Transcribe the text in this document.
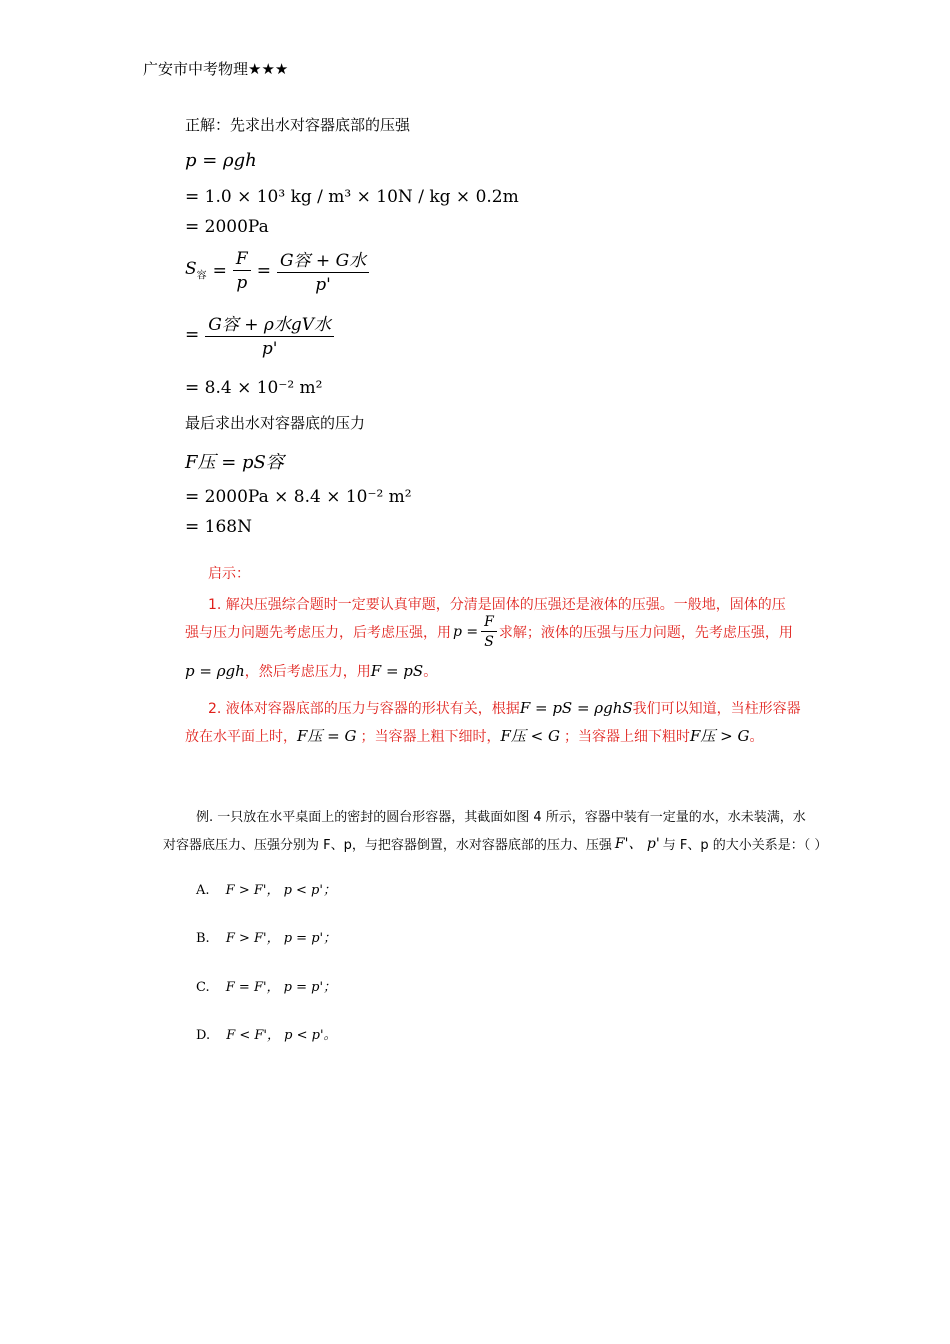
广安市中考物理★★★
正解：先求出水对容器底部的压强
p = ρgh
= 1.0 × 10³ kg / m³ × 10N / kg × 0.2m
= 2000Pa
$S_容 = \frac{F}{p} = \frac{\text{G容 + G水}}{p'}$
= $\frac{\text{G容 + ρ水gV水}}{p'}$
= 8.4 × 10⁻² m²
最后求出水对容器底的压力
F压 = pS容
= 2000Pa × 8.4 × 10⁻² m²
= 168N
启示：
1. 解决压强综合题时一定要认真审题，分清是固体的压强还是液体的压强。一般地，固体的压
强与压力问题先考虑压力，后考虑压强，用 $p = \frac{F}{S}$ 求解；液体的压强与压力问题，先考虑压强，用
p = ρgh ，然后考虑压力，用 F = pS 。
2. 液体对容器底部的压力与容器的形状有关，根据 F = pS = ρghS 我们可以知道，当柱形容器
放在水平面上时， F压 = G ；当容器上粗下细时， F压 < G ；当容器上细下粗时 F压 > G 。
例. 一只放在水平桌面上的密封的圆台形容器，其截面如图 4 所示，容器中装有一定量的水，水未装满，水
对容器底压力、压强分别为 F、p，与把容器倒置，水对容器底部的压力、压强 F'、 p' 与 F、p 的大小关系是：（ ）
A. F > F'， p < p'；
B. F > F'， p = p'；
C. F = F'， p = p'；
D. F < F'， p < p'。
